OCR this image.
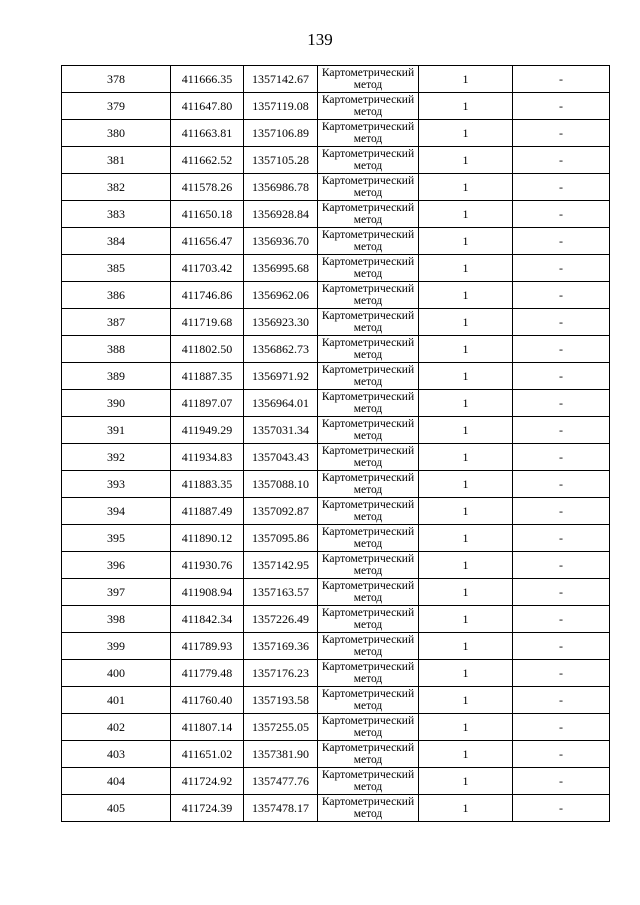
139
378	411666.35	1357142.67	Картометрический метод	1	-
379	411647.80	1357119.08	Картометрический метод	1	-
380	411663.81	1357106.89	Картометрический метод	1	-
381	411662.52	1357105.28	Картометрический метод	1	-
382	411578.26	1356986.78	Картометрический метод	1	-
383	411650.18	1356928.84	Картометрический метод	1	-
384	411656.47	1356936.70	Картометрический метод	1	-
385	411703.42	1356995.68	Картометрический метод	1	-
386	411746.86	1356962.06	Картометрический метод	1	-
387	411719.68	1356923.30	Картометрический метод	1	-
388	411802.50	1356862.73	Картометрический метод	1	-
389	411887.35	1356971.92	Картометрический метод	1	-
390	411897.07	1356964.01	Картометрический метод	1	-
391	411949.29	1357031.34	Картометрический метод	1	-
392	411934.83	1357043.43	Картометрический метод	1	-
393	411883.35	1357088.10	Картометрический метод	1	-
394	411887.49	1357092.87	Картометрический метод	1	-
395	411890.12	1357095.86	Картометрический метод	1	-
396	411930.76	1357142.95	Картометрический метод	1	-
397	411908.94	1357163.57	Картометрический метод	1	-
398	411842.34	1357226.49	Картометрический метод	1	-
399	411789.93	1357169.36	Картометрический метод	1	-
400	411779.48	1357176.23	Картометрический метод	1	-
401	411760.40	1357193.58	Картометрический метод	1	-
402	411807.14	1357255.05	Картометрический метод	1	-
403	411651.02	1357381.90	Картометрический метод	1	-
404	411724.92	1357477.76	Картометрический метод	1	-
405	411724.39	1357478.17	Картометрический метод	1	-
